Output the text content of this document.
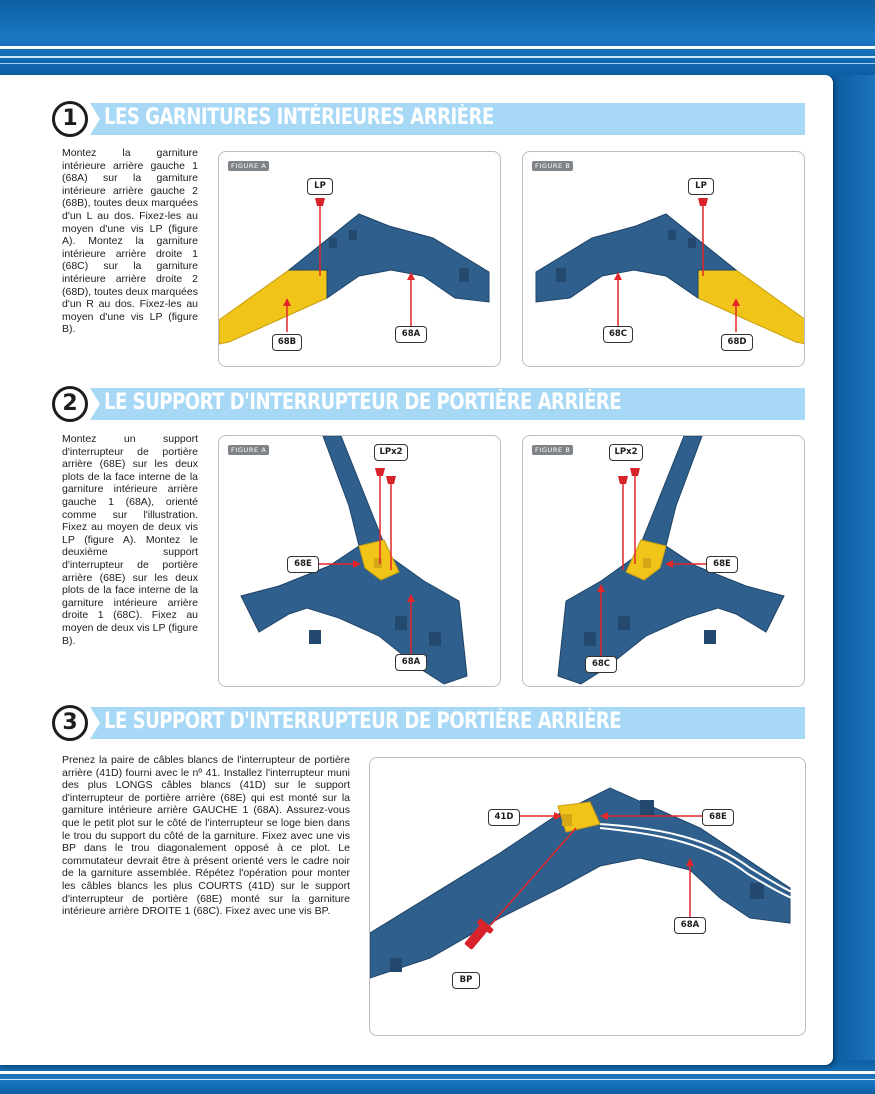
1	LES GARNITURES INTÉRIEURES ARRIÈRE
Montez la garniture intérieure arrière gauche 1 (68A) sur la garniture intérieure arrière gauche 2 (68B), toutes deux marquées d'un L au dos. Fixez-les au moyen d'une vis LP (figure A). Montez la garniture intérieure arrière droite 1 (68C) sur la garniture intérieure arrière droite 2 (68D), toutes deux marquées d'un R au dos. Fixez-les au moyen d'une vis LP (figure B).
FIGURE A
LP
68B
68A
FIGURE B
LP
68C
68D
2	LE SUPPORT D'INTERRUPTEUR DE PORTIÈRE ARRIÈRE
Montez un support d'interrupteur de portière arrière (68E) sur les deux plots de la face interne de la garniture intérieure arrière gauche 1 (68A), orienté comme sur l'illustration. Fixez au moyen de deux vis LP (figure A). Montez le deuxième support d'interrupteur de portière arrière (68E) sur les deux plots de la face interne de la garniture intérieure arrière droite 1 (68C). Fixez au moyen de deux vis LP (figure B).
FIGURE A	LPx2
68E
68A
FIGURE B	LPx2
68E
68C
3	LE SUPPORT D'INTERRUPTEUR DE PORTIÈRE ARRIÈRE
Prenez la paire de câbles blancs de l'interrupteur de portière arrière (41D) fourni avec le nº 41. Installez l'interrupteur muni des plus LONGS câbles blancs (41D) sur le support d'interrupteur de portière arrière (68E) qui est monté sur la garniture intérieure arrière GAUCHE 1 (68A). Assurez-vous que le petit plot sur le côté de l'interrupteur se loge bien dans le trou du support du côté de la garniture. Fixez avec une vis BP dans le trou diagonalement opposé à ce plot. Le commutateur devrait être à présent orienté vers le cadre noir de la garniture assemblée. Répétez l'opération pour monter les câbles blancs les plus COURTS (41D) sur le support d'interrupteur de portière (68E) monté sur la garniture intérieure arrière DROITE 1 (68C). Fixez avec une vis BP.
41D	68E
68A
BP
